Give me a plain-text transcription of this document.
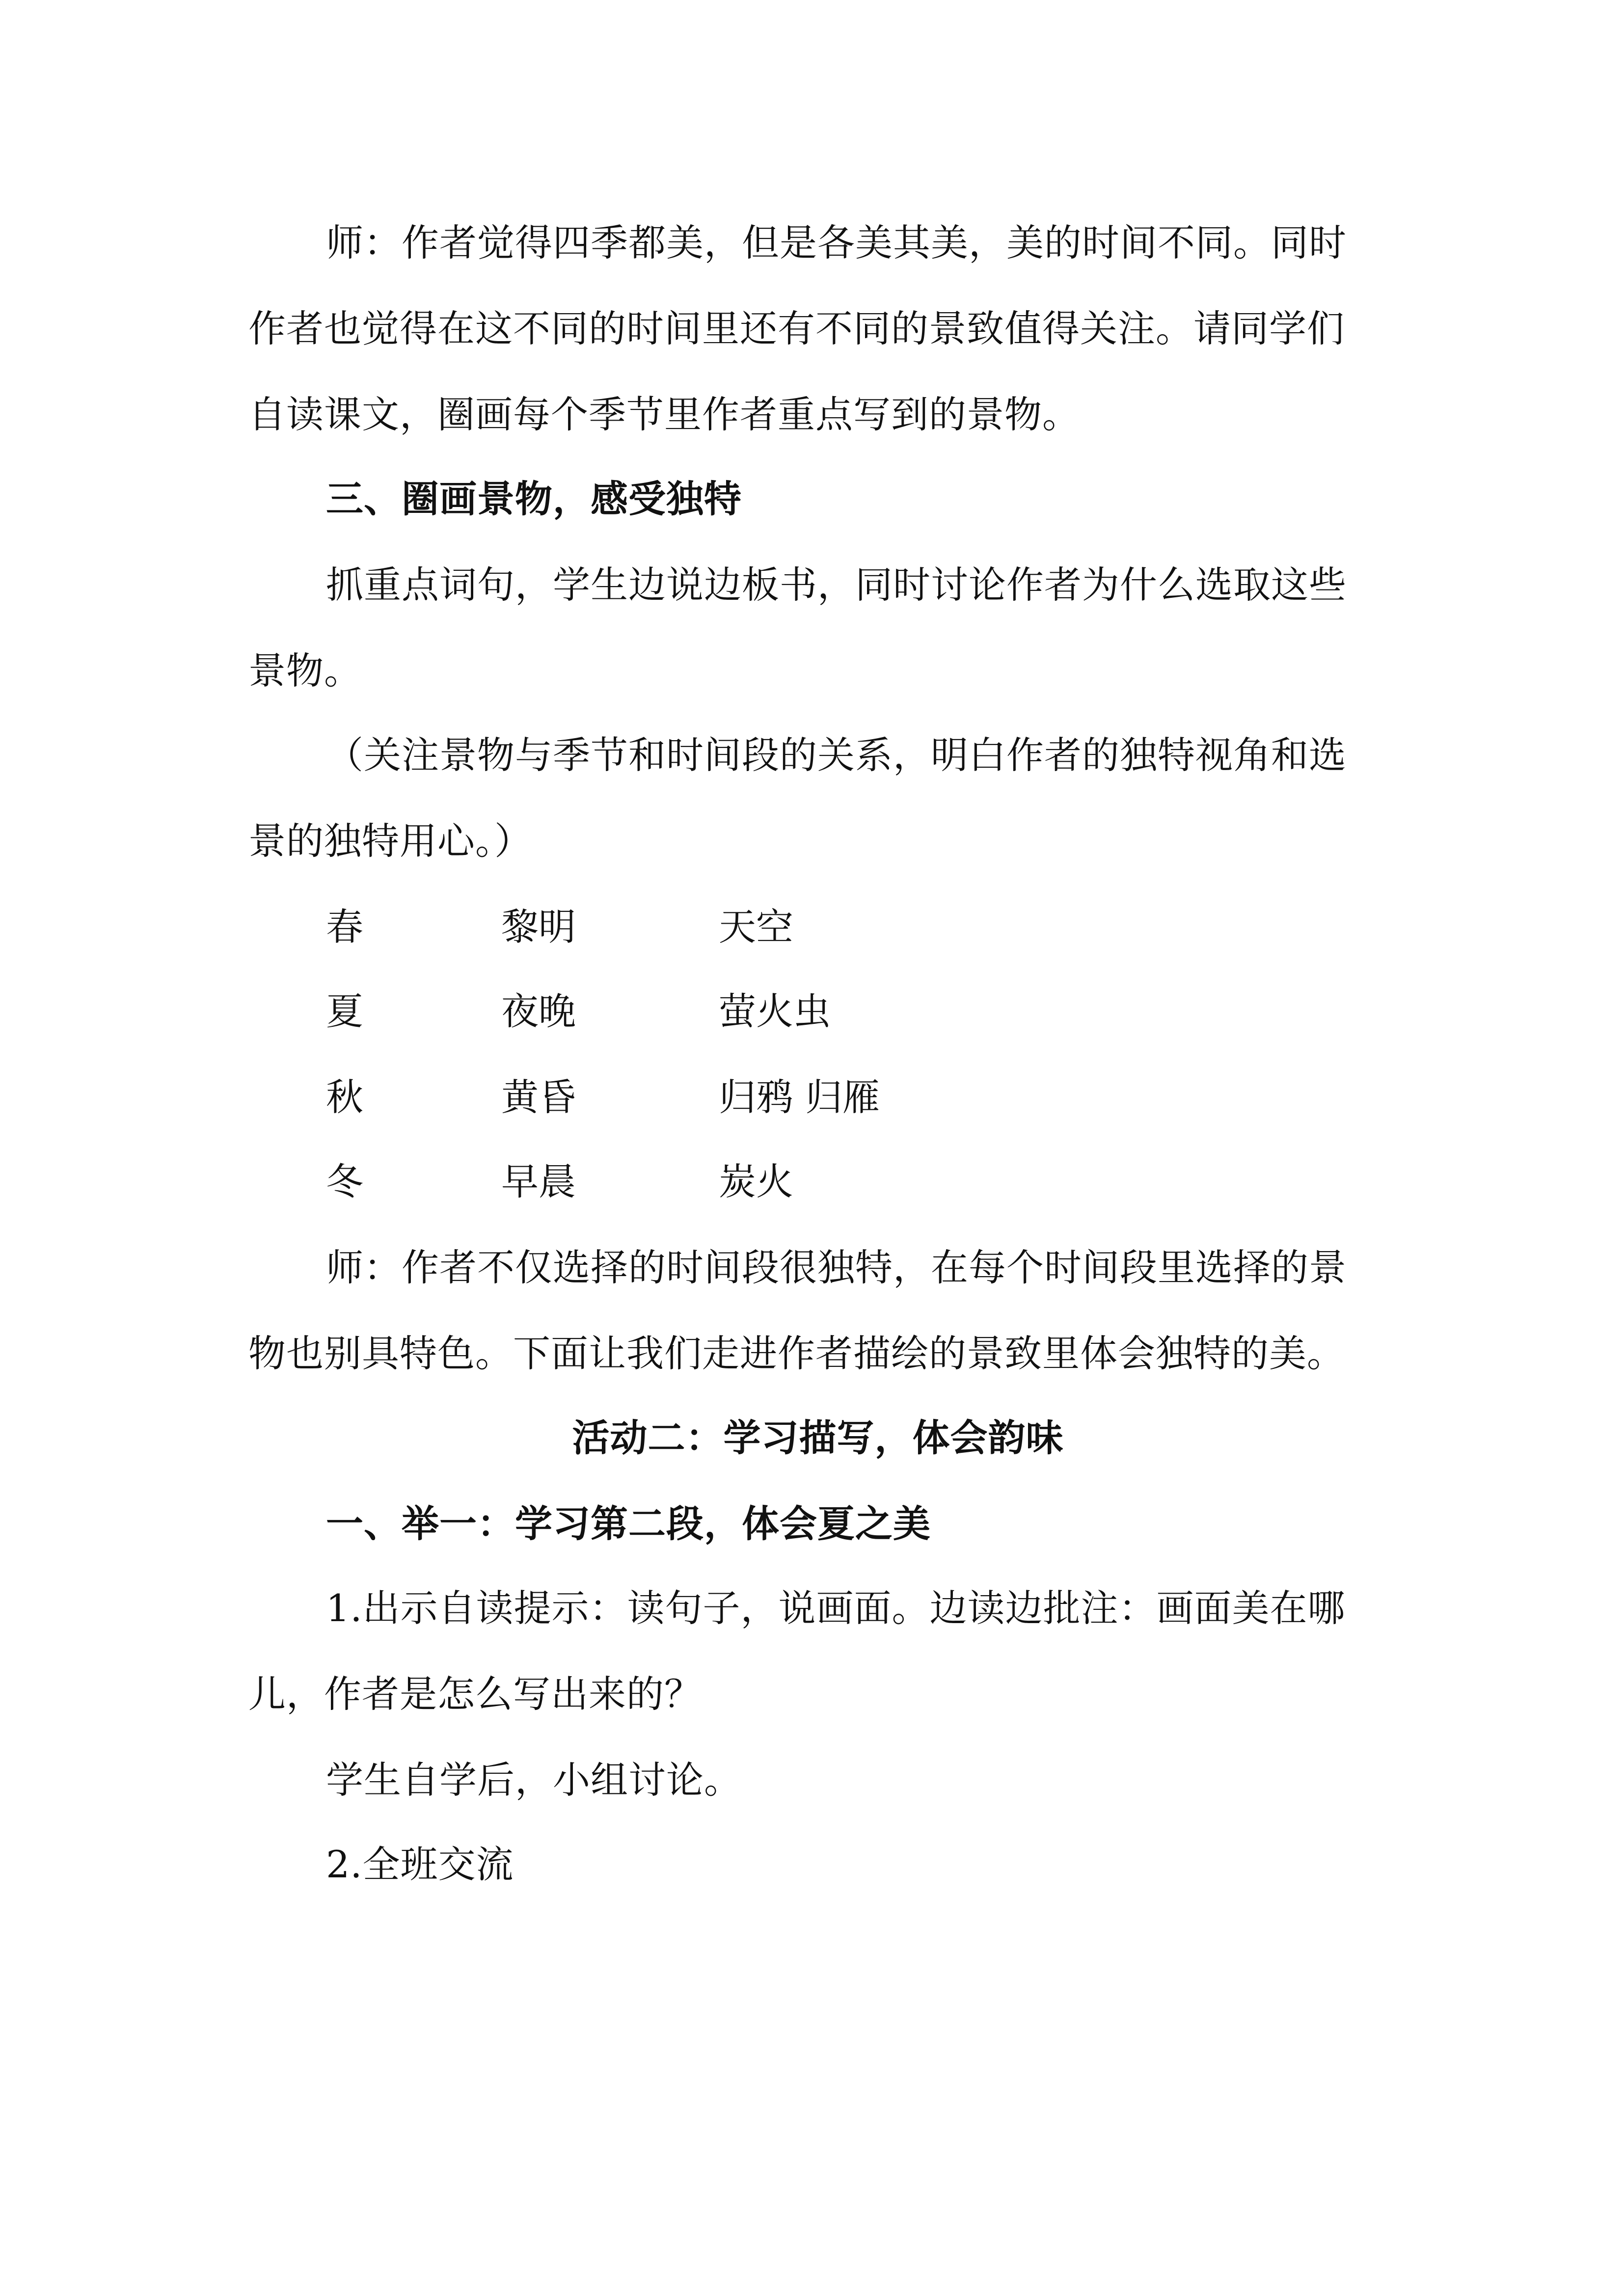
师：作者觉得四季都美，但是各美其美，美的时间不同。同时
作者也觉得在这不同的时间里还有不同的景致值得关注。请同学们
自读课文，圈画每个季节里作者重点写到的景物。
三、圈画景物，感受独特
抓重点词句，学生边说边板书，同时讨论作者为什么选取这些
景物。
（关注景物与季节和时间段的关系，明白作者的独特视角和选
景的独特用心。）
春	黎明	天空
夏	夜晚	萤火虫
秋	黄昏	归鸦 归雁
冬	早晨	炭火
师：作者不仅选择的时间段很独特，在每个时间段里选择的景
物也别具特色。下面让我们走进作者描绘的景致里体会独特的美。
活动二：学习描写，体会韵味
一、举一：学习第二段，体会夏之美
1.出示自读提示：读句子，说画面。边读边批注：画面美在哪
儿，作者是怎么写出来的？
学生自学后，小组讨论。
2.全班交流
